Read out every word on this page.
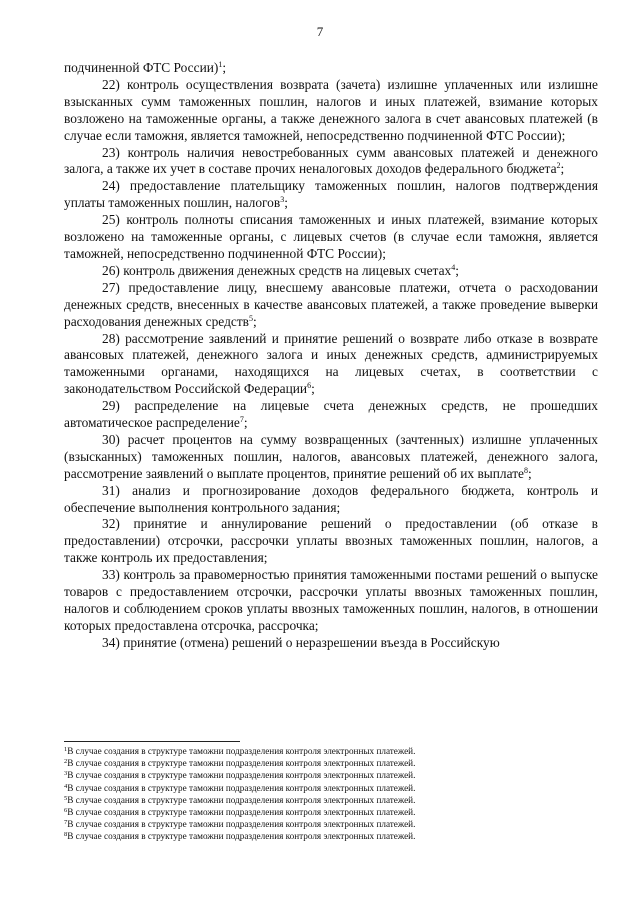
7

подчиненной ФТС России)$^1$;

22) контроль осуществления возврата (зачета) излишне уплаченных или излишне взысканных сумм таможенных пошлин, налогов и иных платежей, взимание которых возложено на таможенные органы, а также денежного залога в счет авансовых платежей (в случае если таможня, является таможней, непосредственно подчиненной ФТС России);

23) контроль наличия невостребованных сумм авансовых платежей и денежного залога, а также их учет в составе прочих неналоговых доходов федерального бюджета$^2$;

24) предоставление плательщику таможенных пошлин, налогов подтверждения уплаты таможенных пошлин, налогов$^3$;

25) контроль полноты списания таможенных и иных платежей, взимание которых возложено на таможенные органы, с лицевых счетов (в случае если таможня, является таможней, непосредственно подчиненной ФТС России);

26) контроль движения денежных средств на лицевых счетах$^4$;

27) предоставление лицу, внесшему авансовые платежи, отчета о расходовании денежных средств, внесенных в качестве авансовых платежей, а также проведение выверки расходования денежных средств$^5$;

28) рассмотрение заявлений и принятие решений о возврате либо отказе в возврате авансовых платежей, денежного залога и иных денежных средств, администрируемых таможенными органами, находящихся на лицевых счетах, в соответствии с законодательством Российской Федерации$^6$;

29) распределение на лицевые счета денежных средств, не прошедших автоматическое распределение$^7$;

30) расчет процентов на сумму возвращенных (зачтенных) излишне уплаченных (взысканных) таможенных пошлин, налогов, авансовых платежей, денежного залога, рассмотрение заявлений о выплате процентов, принятие решений об их выплате$^8$;

31) анализ и прогнозирование доходов федерального бюджета, контроль и обеспечение выполнения контрольного задания;

32) принятие и аннулирование решений о предоставлении (об отказе в предоставлении) отсрочки, рассрочки уплаты ввозных таможенных пошлин, налогов, а также контроль их предоставления;

33) контроль за правомерностью принятия таможенными постами решений о выпуске товаров с предоставлением отсрочки, рассрочки уплаты ввозных таможенных пошлин, налогов и соблюдением сроков уплаты ввозных таможенных пошлин, налогов, в отношении которых предоставлена отсрочка, рассрочка;

34) принятие (отмена) решений о неразрешении въезда в Российскую

$^1$В случае создания в структуре таможни подразделения контроля электронных платежей.
$^2$В случае создания в структуре таможни подразделения контроля электронных платежей.
$^3$В случае создания в структуре таможни подразделения контроля электронных платежей.
$^4$В случае создания в структуре таможни подразделения контроля электронных платежей.
$^5$В случае создания в структуре таможни подразделения контроля электронных платежей.
$^6$В случае создания в структуре таможни подразделения контроля электронных платежей.
$^7$В случае создания в структуре таможни подразделения контроля электронных платежей.
$^8$В случае создания в структуре таможни подразделения контроля электронных платежей.
